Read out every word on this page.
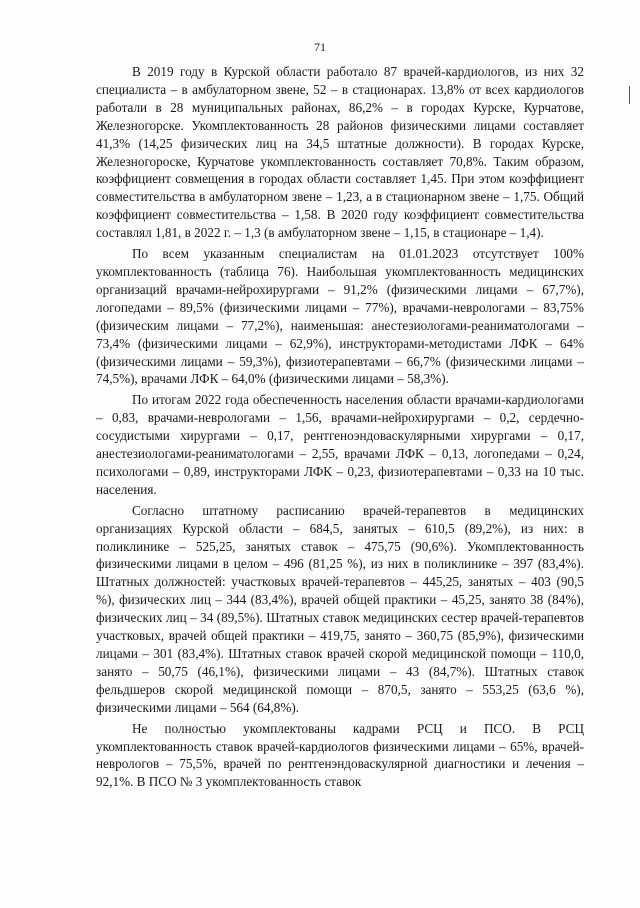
71

В 2019 году в Курской области работало 87 врачей-кардиологов, из них 32 специалиста – в амбулаторном звене, 52 – в стационарах. 13,8% от всех кардиологов работали в 28 муниципальных районах, 86,2% – в городах Курске, Курчатове, Железногорске. Укомплектованность 28 районов физическими лицами составляет 41,3% (14,25 физических лиц на 34,5 штатные должности). В городах Курске, Железногороске, Курчатове укомплектованность составляет 70,8%. Таким образом, коэффициент совмещения в городах области составляет 1,45. При этом коэффициент совместительства в амбулаторном звене – 1,23, а в стационарном звене – 1,75. Общий коэффициент совместительства – 1,58. В 2020 году коэффициент совместительства составлял 1,81, в 2022 г. – 1,3 (в амбулаторном звене – 1,15, в стационаре – 1,4).

По всем указанным специалистам на 01.01.2023 отсутствует 100% укомплектованность (таблица 76). Наибольшая укомплектованность медицинских организаций врачами-нейрохирургами – 91,2% (физическими лицами – 67,7%), логопедами – 89,5% (физическими лицами – 77%), врачами-неврологами – 83,75% (физическим лицами – 77,2%), наименьшая: анестезиологами-реаниматологами – 73,4% (физическими лицами – 62,9%), инструкторами-методистами ЛФК – 64% (физическими лицами – 59,3%), физиотерапевтами – 66,7% (физическими лицами – 74,5%), врачами ЛФК – 64,0% (физическими лицами – 58,3%).

По итогам 2022 года обеспеченность населения области врачами-кардиологами – 0,83, врачами-неврологами – 1,56, врачами-нейрохирургами – 0,2, сердечно-сосудистыми хирургами – 0,17, рентгеноэндоваскулярными хирургами – 0,17, анестезиологами-реаниматологами – 2,55, врачами ЛФК – 0,13, логопедами – 0,24, психологами – 0,89, инструкторами ЛФК – 0,23, физиотерапевтами – 0,33 на 10 тыс. населения.

Согласно штатному расписанию врачей-терапевтов в медицинских организациях Курской области – 684,5, занятых – 610,5 (89,2%), из них: в поликлинике – 525,25, занятых ставок – 475,75 (90,6%). Укомплектованность физическими лицами в целом – 496 (81,25 %), из них в поликлинике – 397 (83,4%). Штатных должностей: участковых врачей-терапевтов – 445,25, занятых – 403 (90,5 %), физических лиц – 344 (83,4%), врачей общей практики – 45,25, занято 38 (84%), физических лиц – 34 (89,5%). Штатных ставок медицинских сестер врачей-терапевтов участковых, врачей общей практики – 419,75, занято – 360,75 (85,9%), физическими лицами – 301 (83,4%). Штатных ставок врачей скорой медицинской помощи – 110,0, занято – 50,75 (46,1%), физическими лицами – 43 (84,7%). Штатных ставок фельдшеров скорой медицинской помощи – 870,5, занято – 553,25 (63,6 %), физическими лицами – 564 (64,8%).

Не полностью укомплектованы кадрами РСЦ и ПСО. В РСЦ укомплектованность ставок врачей-кардиологов физическими лицами – 65%, врачей-неврологов – 75,5%, врачей по рентгенэндоваскулярной диагностики и лечения – 92,1%. В ПСО № 3 укомплектованность ставок
